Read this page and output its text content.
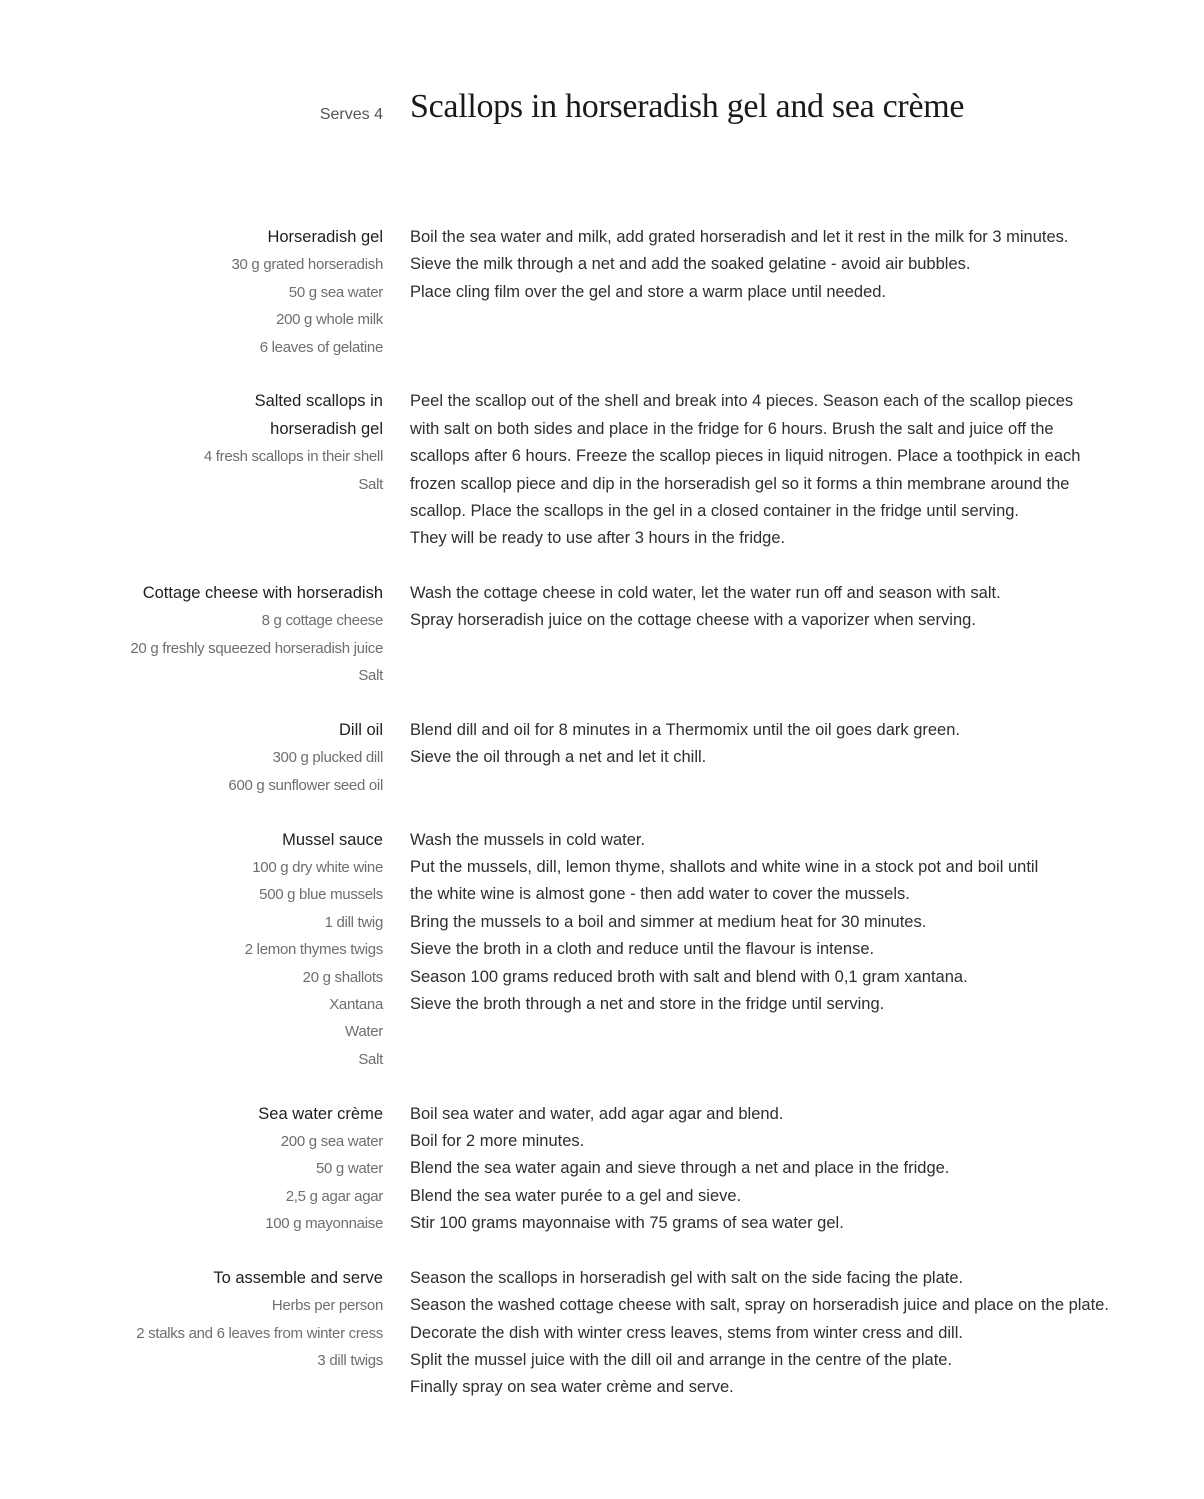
Serves 4 Scallops in horseradish gel and sea crème
Horseradish gel
30 g grated horseradish
50 g sea water
200 g whole milk
6 leaves of gelatine
Boil the sea water and milk, add grated horseradish and let it rest in the milk for 3 minutes.
Sieve the milk through a net and add the soaked gelatine - avoid air bubbles.
Place cling film over the gel and store a warm place until needed.
Salted scallops in
horseradish gel
4 fresh scallops in their shell
Salt
Peel the scallop out of the shell and break into 4 pieces. Season each of the scallop pieces
with salt on both sides and place in the fridge for 6 hours. Brush the salt and juice off the
scallops after 6 hours. Freeze the scallop pieces in liquid nitrogen. Place a toothpick in each
frozen scallop piece and dip in the horseradish gel so it forms a thin membrane around the
scallop. Place the scallops in the gel in a closed container in the fridge until serving.
They will be ready to use after 3 hours in the fridge.
Cottage cheese with horseradish
8 g cottage cheese
20 g freshly squeezed horseradish juice
Salt
Wash the cottage cheese in cold water, let the water run off and season with salt.
Spray horseradish juice on the cottage cheese with a vaporizer when serving.
Dill oil
300 g plucked dill
600 g sunflower seed oil
Blend dill and oil for 8 minutes in a Thermomix until the oil goes dark green.
Sieve the oil through a net and let it chill.
Mussel sauce
100 g dry white wine
500 g blue mussels
1 dill twig
2 lemon thymes twigs
20 g shallots
Xantana
Water
Salt
Wash the mussels in cold water.
Put the mussels, dill, lemon thyme, shallots and white wine in a stock pot and boil until
the white wine is almost gone - then add water to cover the mussels.
Bring the mussels to a boil and simmer at medium heat for 30 minutes.
Sieve the broth in a cloth and reduce until the flavour is intense.
Season 100 grams reduced broth with salt and blend with 0,1 gram xantana.
Sieve the broth through a net and store in the fridge until serving.
Sea water crème
200 g sea water
50 g water
2,5 g agar agar
100 g mayonnaise
Boil sea water and water, add agar agar and blend.
Boil for 2 more minutes.
Blend the sea water again and sieve through a net and place in the fridge.
Blend the sea water purée to a gel and sieve.
Stir 100 grams mayonnaise with 75 grams of sea water gel.
To assemble and serve
Herbs per person
2 stalks and 6 leaves from winter cress
3 dill twigs
Season the scallops in horseradish gel with salt on the side facing the plate.
Season the washed cottage cheese with salt, spray on horseradish juice and place on the plate.
Decorate the dish with winter cress leaves, stems from winter cress and dill.
Split the mussel juice with the dill oil and arrange in the centre of the plate.
Finally spray on sea water crème and serve.
